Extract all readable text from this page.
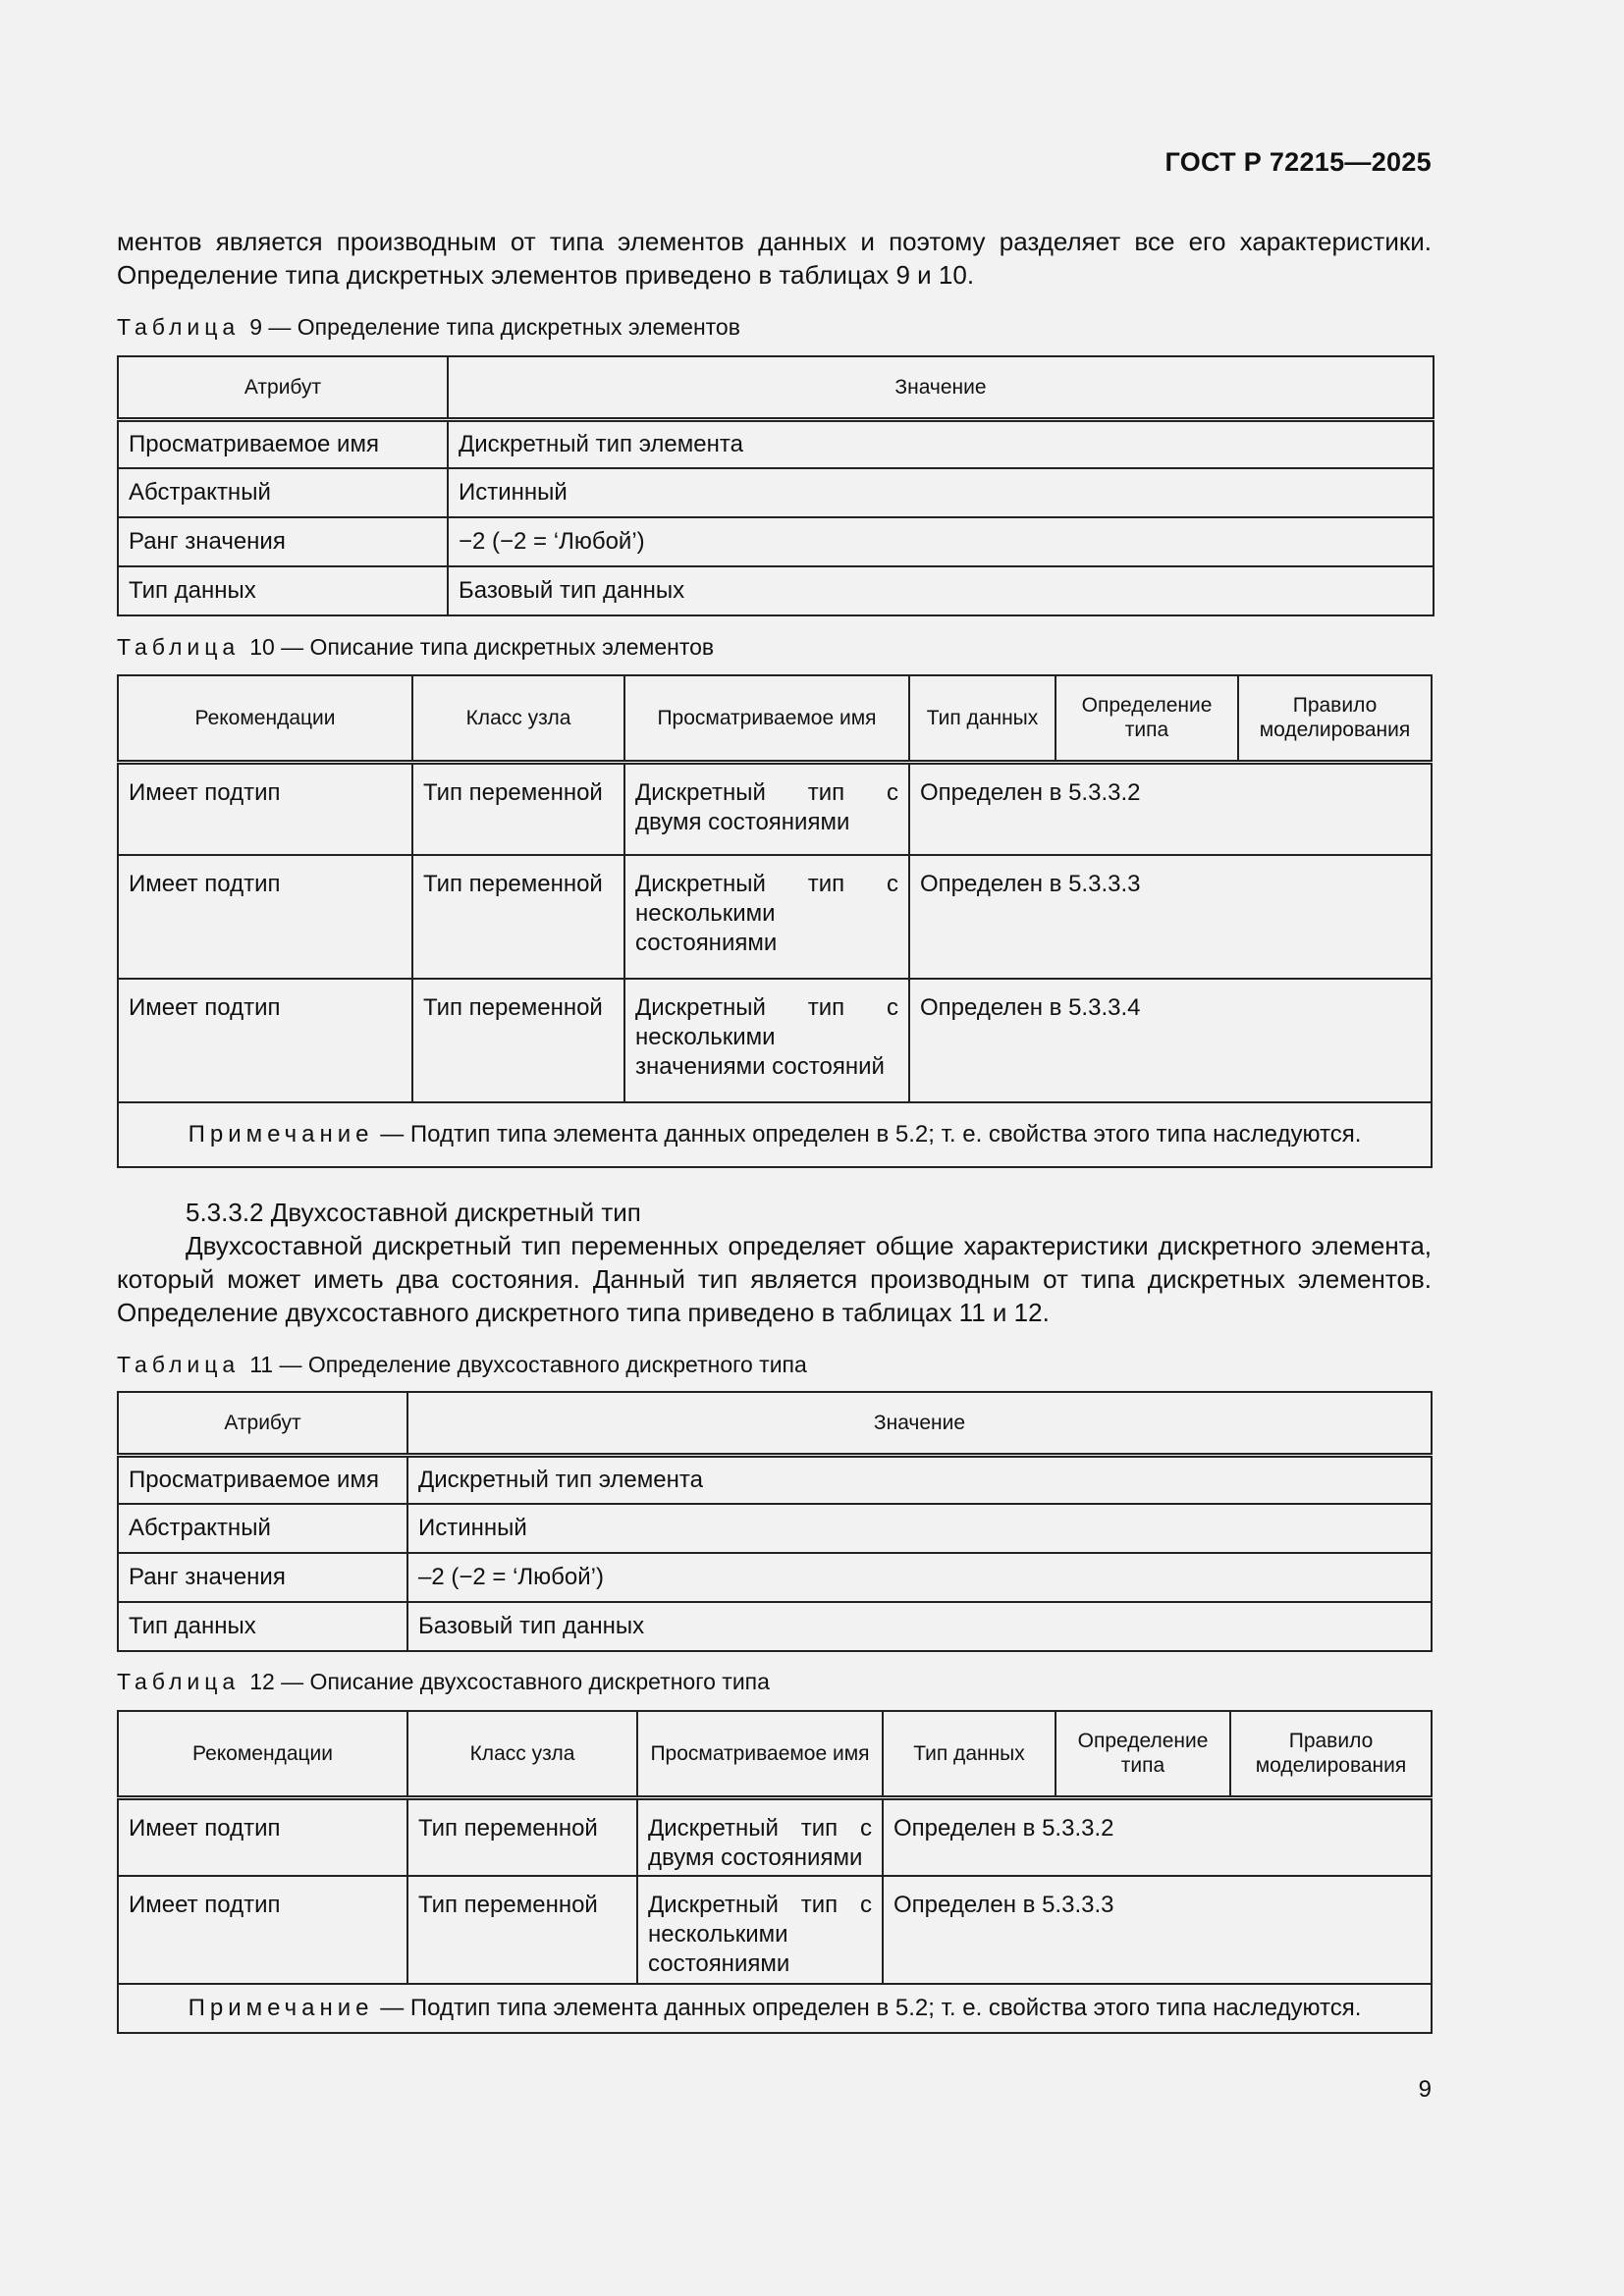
ГОСТ Р 72215—2025

ментов является производным от типа элементов данных и поэтому разделяет все его характеристики. Определение типа дискретных элементов приведено в таблицах 9 и 10.

Таблица 9 — Определение типа дискретных элементов
Атрибут	Значение
Просматриваемое имя	Дискретный тип элемента
Абстрактный	Истинный
Ранг значения	−2 (−2 = ‘Любой’)
Тип данных	Базовый тип данных
Таблица 10 — Описание типа дискретных элементов
Рекомендации	Класс узла	Просматриваемое имя	Тип данных	Определение типа	Правило моделирования
Имеет подтип	Тип переменной	Дискретный тип с двумя состояниями	Определен в 5.3.3.2		
Имеет подтип	Тип переменной	Дискретный тип с несколькими состояниями	Определен в 5.3.3.3		
Имеет подтип	Тип переменной	Дискретный тип с несколькими значениями состояний	Определен в 5.3.3.4		
Примечание — Подтип типа элемента данных определен в 5.2; т. е. свойства этого типа наследуются.					
5.3.3.2 Двухсоставной дискретный тип
Двухсоставной дискретный тип переменных определяет общие характеристики дискретного элемента, который может иметь два состояния. Данный тип является производным от типа дискретных элементов. Определение двухсоставного дискретного типа приведено в таблицах 11 и 12.
Таблица 11 — Определение двухсоставного дискретного типа
Атрибут	Значение
Просматриваемое имя	Дискретный тип элемента
Абстрактный	Истинный
Ранг значения	–2 (−2 = ‘Любой’)
Тип данных	Базовый тип данных
Таблица 12 — Описание двухсоставного дискретного типа
Рекомендации	Класс узла	Просматриваемое имя	Тип данных	Определение типа	Правило моделирования
Имеет подтип	Тип переменной	Дискретный тип с двумя состояниями	Определен в 5.3.3.2		
Имеет подтип	Тип переменной	Дискретный тип с несколькими состояниями	Определен в 5.3.3.3		
Примечание — Подтип типа элемента данных определен в 5.2; т. е. свойства этого типа наследуются.					
9
